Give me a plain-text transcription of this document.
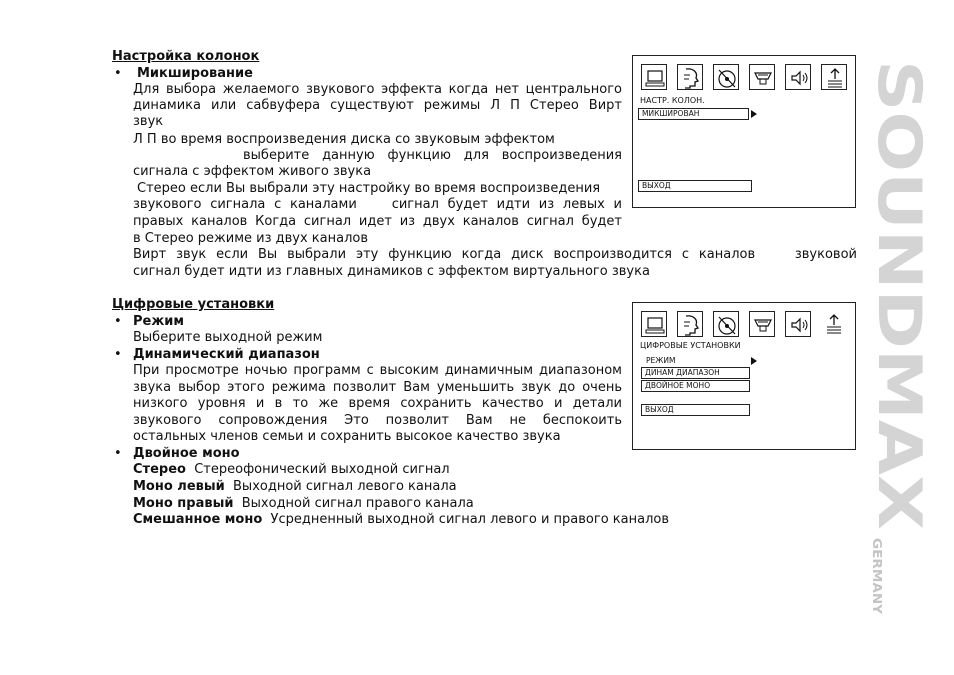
Настройка колонок
• Микширование
Для выбора желаемого звукового эффекта когда нет центрального
динамика или сабвуфера существуют режимы Л П Стерео Вирт
звук
Л П во время воспроизведения диска со звуковым эффектом
выберите данную функцию для воспроизведения
сигнала с эффектом живого звука
Стерео если Вы выбрали эту настройку во время воспроизведения
звукового  сигнала  с  каналами        сигнал  будет  идти  из  левых  и
правых каналов Когда сигнал идет из двух каналов сигнал будет
в Стерео режиме из двух каналов
Вирт  звук  если  Вы  выбрали  эту  функцию  когда  диск  воспроизводится  с  каналов        звуковой
сигнал будет идти из главных динамиков с эффектом виртуального звука
НАСТР. КОЛОН.
МИКШИРОВАН
ВЫХОД
Цифровые установки
• Режим
Выберите выходной режим
• Динамический диапазон
При просмотре ночью программ с высоким динамичным диапазоном
звука выбор этого режима позволит Вам уменьшить звук до очень
низкого уровня и в то же время сохранить качество и детали
звукового сопровождения Это позволит Вам не беспокоить
остальных членов семьи и сохранить высокое качество звука
• Двойное моно
Стерео Стереофонический выходной сигнал
Моно левый Выходной сигнал левого канала
Моно правый Выходной сигнал правого канала
Смешанное моно Усредненный выходной сигнал левого и правого каналов
ЦИФРОВЫЕ УСТАНОВКИ
РЕЖИМ
ДИНАМ ДИАПАЗОН
ДВОЙНОЕ МОНО
ВЫХОД	SOUNDMAX
GERMANY
